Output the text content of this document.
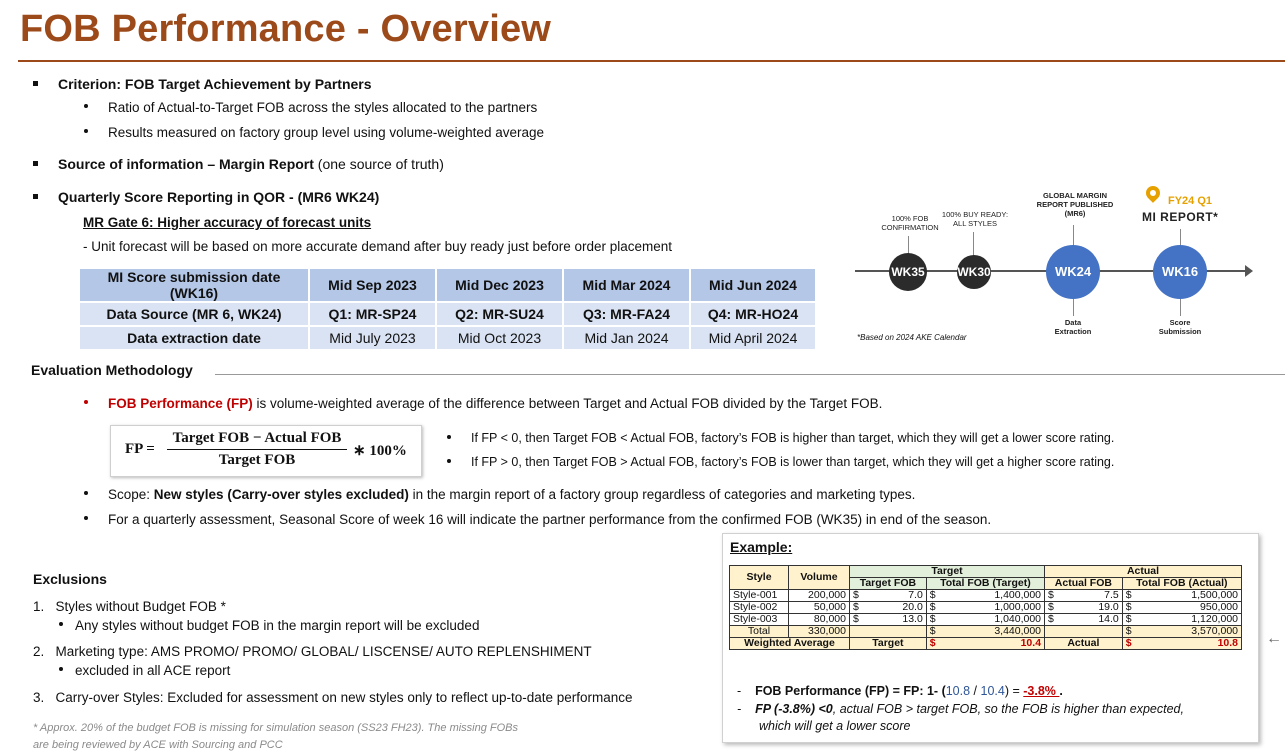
FOB Performance - Overview
Criterion: FOB Target Achievement by Partners
Ratio of Actual-to-Target FOB across the styles allocated to the partners
Results measured on factory group level using volume-weighted average
Source of information – Margin Report (one source of truth)
Quarterly Score Reporting in QOR - (MR6 WK24)
MR Gate 6: Higher accuracy of forecast units
- Unit forecast will be based on more accurate demand after buy ready just before order placement
MI Score submission date (WK16)	Mid Sep 2023	Mid Dec 2023	Mid Mar 2024	Mid Jun 2024
Data Source (MR 6, WK24)	Q1: MR-SP24	Q2: MR-SU24	Q3: MR-FA24	Q4: MR-HO24
Data extraction date	Mid July 2023	Mid Oct 2023	Mid Jan 2024	Mid April 2024
100% FOB
CONFIRMATION
100% BUY READY:
ALL STYLES
GLOBAL MARGIN
REPORT PUBLISHED
(MR6)
FY24 Q1
MI REPORT*
WK35	WK30	WK24	WK16
Data
Extraction
Score
Submission
*Based on 2024 AKE Calendar
Evaluation Methodology
FOB Performance (FP) is volume-weighted average of the difference between Target and Actual FOB divided by the Target FOB.
FP =
Target FOB − Actual FOB
Target FOB
∗ 100%
If FP < 0, then Target FOB < Actual FOB, factory’s FOB is higher than target, which they will get a lower score rating.
If FP > 0, then Target FOB > Actual FOB, factory’s FOB is lower than target, which they will get a higher score rating.
Scope: New styles (Carry-over styles excluded) in the margin report of a factory group regardless of categories and marketing types.
For a quarterly assessment, Seasonal Score of week 16 will indicate the partner performance from the confirmed FOB (WK35) in end of the season.
Exclusions
1. Styles without Budget FOB *
Any styles without budget FOB in the margin report will be excluded
2. Marketing type: AMS PROMO/ PROMO/ GLOBAL/ LISCENSE/ AUTO REPLENSHIMENT
excluded in all ACE report
3. Carry-over Styles: Excluded for assessment on new styles only to reflect up-to-date performance
* Approx. 20% of the budget FOB is missing for simulation season (SS23 FH23). The missing FOBs
are being reviewed by ACE with Sourcing and PCC
Example:
Style	Volume	Target				Actual			
		Target FOB		Total FOB (Target)		Actual FOB		Total FOB (Actual)	
Style-001	200,000	$	7.0	$	1,400,000	$	7.5	$	1,500,000
Style-002	50,000	$	20.0	$	1,000,000	$	19.0	$	950,000
Style-003	80,000	$	13.0	$	1,040,000	$	14.0	$	1,120,000
Total	330,000			$	3,440,000			$	3,570,000
Weighted Average		Target		$	10.4	Actual		$	10.8
-    FOB Performance (FP) = FP: 1- (10.8 / 10.4) = -3.8% .
-    FP (-3.8%) <0, actual FOB > target FOB, so the FOB is higher than expected,
which will get a lower score
←
